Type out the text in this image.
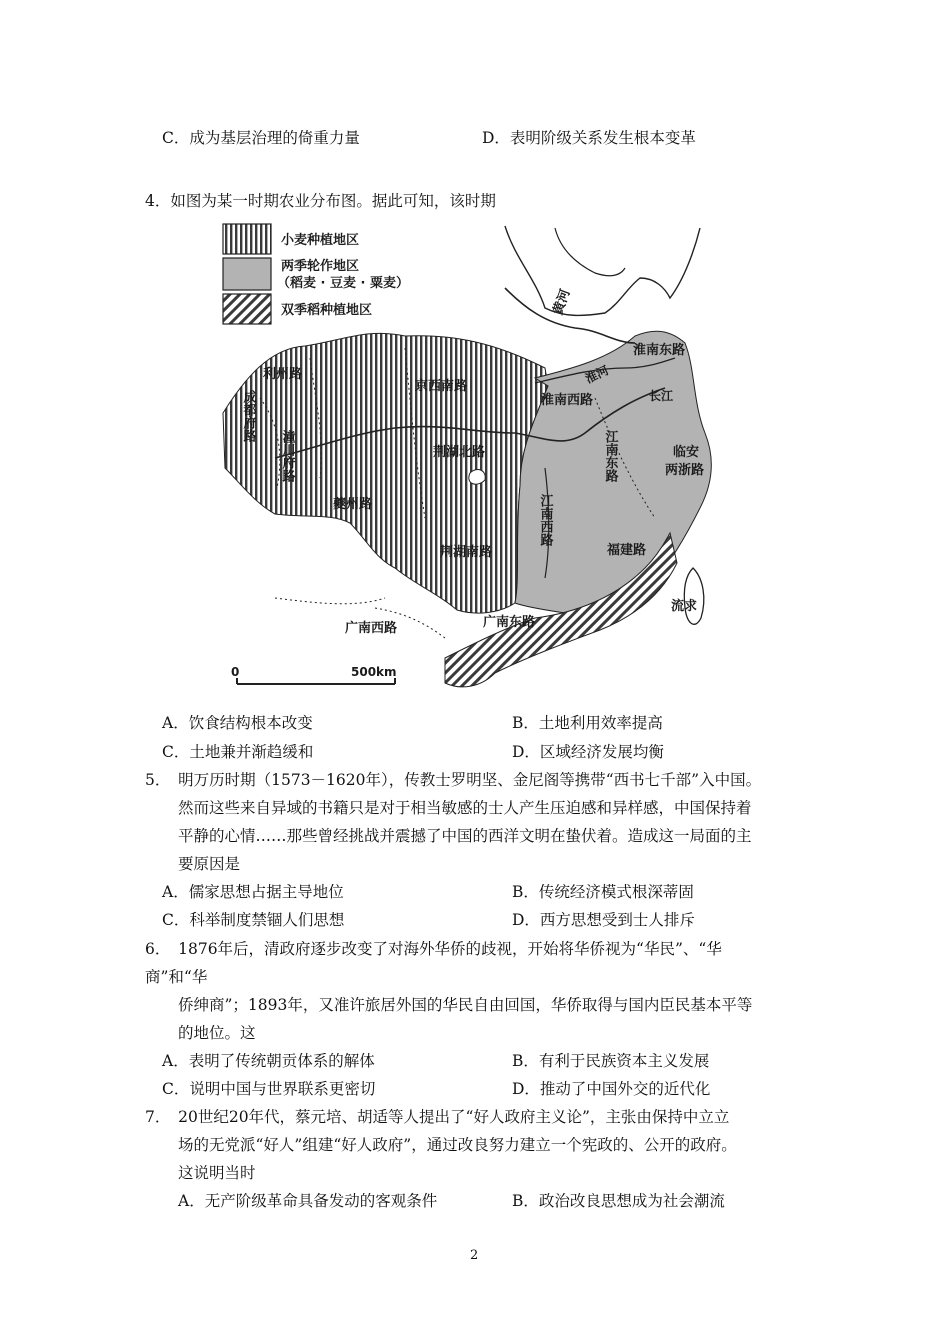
C．成为基层治理的倚重力量	D．表明阶级关系发生根本变革
4．如图为某一时期农业分布图。据此可知，该时期
小麦种植地区
两季轮作地区
（稻麦 · 豆麦 · 粟麦）
双季稻种植地区	黄河
淮河
长江
利州路
京西南路
荆湖北路
夔州路
荆湖南路
淮南东路
淮南西路
临安
两浙路
福建路
广南西路	广南东路
流求
成都府路
潼川府路	江南东路
江南西路
0	500km
A．饮食结构根本改变	B．土地利用效率提高
C．土地兼并渐趋缓和	D．区域经济发展均衡
5．　明万历时期（1573－1620年），传教士罗明坚、金尼阁等携带“西书七千部”入中国。
然而这些来自异域的书籍只是对于相当敏感的士人产生压迫感和异样感，中国保持着
平静的心情……那些曾经挑战并震撼了中国的西洋文明在蛰伏着。造成这一局面的主
要原因是
A．儒家思想占据主导地位	B．传统经济模式根深蒂固
C．科举制度禁锢人们思想	D．西方思想受到士人排斥
6．　1876年后，清政府逐步改变了对海外华侨的歧视，开始将华侨视为“华民”、“华
商”和“华
侨绅商”；1893年，又准许旅居外国的华民自由回国，华侨取得与国内臣民基本平等
的地位。这
A．表明了传统朝贡体系的解体	B．有利于民族资本主义发展
C．说明中国与世界联系更密切	D．推动了中国外交的近代化
7．　20世纪20年代，蔡元培、胡适等人提出了“好人政府主义论”，主张由保持中立立
场的无党派“好人”组建“好人政府”，通过改良努力建立一个宪政的、公开的政府。
这说明当时
A．无产阶级革命具备发动的客观条件	B．政治改良思想成为社会潮流
2
